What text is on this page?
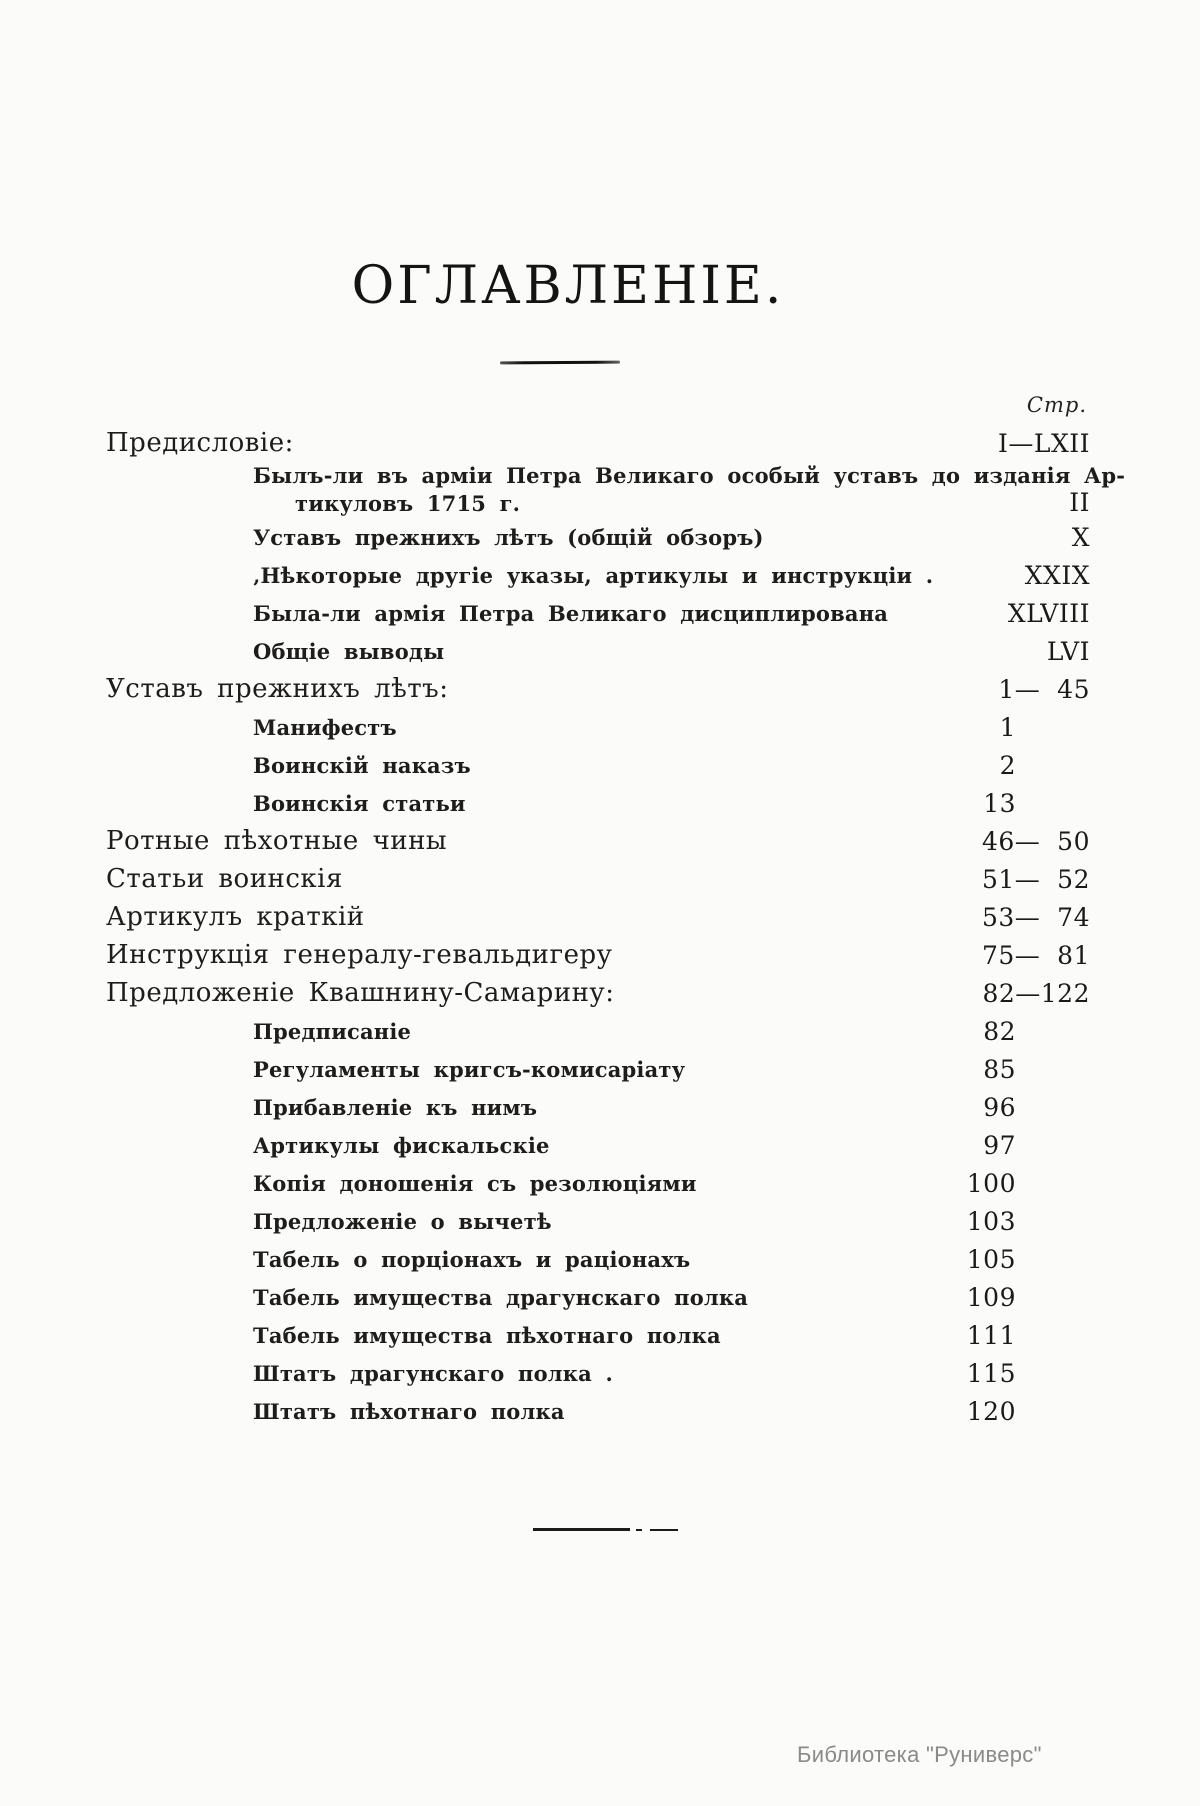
ОГЛАВЛЕНІЕ.
Стр.
Предисловіе:	I—LXII
Былъ-ли въ арміи Петра Великаго особый уставъ до изданія Ар-
тикуловъ 1715 г.	II
Уставъ прежнихъ лѣтъ (общій обзоръ)	X
‚Нѣкоторые другіе указы, артикулы и инструкціи .	XXIX
Была-ли армія Петра Великаго дисциплирована	XLVIII
Общіе выводы	LVI
Уставъ прежнихъ лѣтъ:	1—  45
Манифестъ	1
Воинскій наказъ	2
Воинскія статьи	13
Ротные пѣхотные чины	46—  50
Статьи воинскія	51—  52
Артикулъ краткій	53—  74
Инструкція генералу-гевальдигеру	75—  81
Предложеніе Квашнину-Самарину:	82—122
Предписаніе	82
Регуламенты кригсъ-комисаріату	85
Прибавленіе къ нимъ	96
Артикулы фискальскіе	97
Копія доношенія съ резолюціями	100
Предложеніе о вычетѣ	103
Табель о порціонахъ и раціонахъ	105
Табель имущества драгунскаго полка	109
Табель имущества пѣхотнаго полка	111
Штатъ драгунскаго полка .	115
Штатъ пѣхотнаго полка	120
Библиотека "Руниверс"
